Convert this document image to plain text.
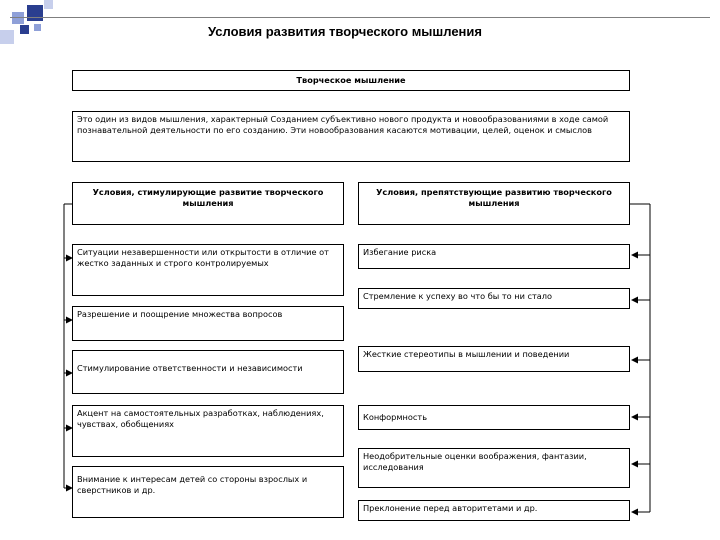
Условия развития творческого мышления
Творческое мышление
Это один из видов мышления, характерный Созданием субъективно нового продукта и новообразованиями в ходе самой познавательной деятельности по его созданию. Эти новообразования касаются мотивации, целей, оценок и смыслов
Условия, стимулирующие развитие творческого мышления
Условия, препятствующие развитию творческого мышления
Ситуации незавершенности или открытости в отличие от жестко заданных и строго контролируемых
Разрешение и поощрение множества вопросов
Стимулирование ответственности и независимости
Акцент на самостоятельных разработках, наблюдениях, чувствах, обобщениях
Внимание к интересам детей со стороны взрослых и сверстников и др.
Избегание риска
Стремление к успеху во что бы то ни стало
Жесткие стереотипы в мышлении и поведении
Конформность
Неодобрительные оценки воображения, фантазии, исследования
Преклонение перед авторитетами и др.
